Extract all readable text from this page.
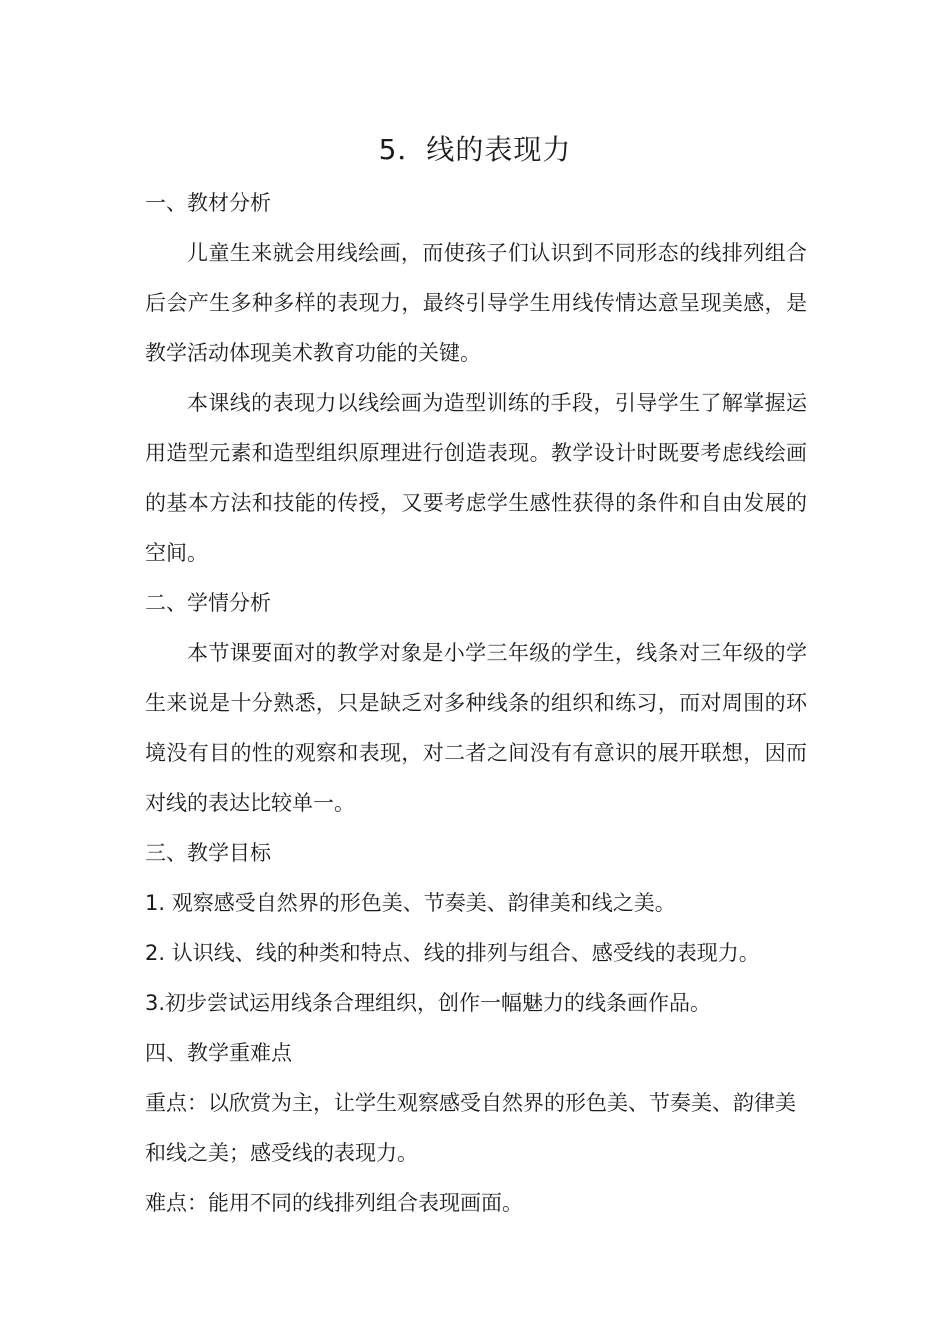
5．线的表现力

一、教材分析

儿童生来就会用线绘画，而使孩子们认识到不同形态的线排列组合后会产生多种多样的表现力，最终引导学生用线传情达意呈现美感，是教学活动体现美术教育功能的关键。

本课线的表现力以线绘画为造型训练的手段，引导学生了解掌握运用造型元素和造型组织原理进行创造表现。教学设计时既要考虑线绘画的基本方法和技能的传授，又要考虑学生感性获得的条件和自由发展的空间。

二、学情分析

本节课要面对的教学对象是小学三年级的学生，线条对三年级的学生来说是十分熟悉，只是缺乏对多种线条的组织和练习，而对周围的环境没有目的性的观察和表现，对二者之间没有有意识的展开联想，因而对线的表达比较单一。

三、教学目标

1. 观察感受自然界的形色美、节奏美、韵律美和线之美。

2. 认识线、线的种类和特点、线的排列与组合、感受线的表现力。

3.初步尝试运用线条合理组织，创作一幅魅力的线条画作品。

四、教学重难点

重点：以欣赏为主，让学生观察感受自然界的形色美、节奏美、韵律美和线之美；感受线的表现力。

难点：能用不同的线排列组合表现画面。
